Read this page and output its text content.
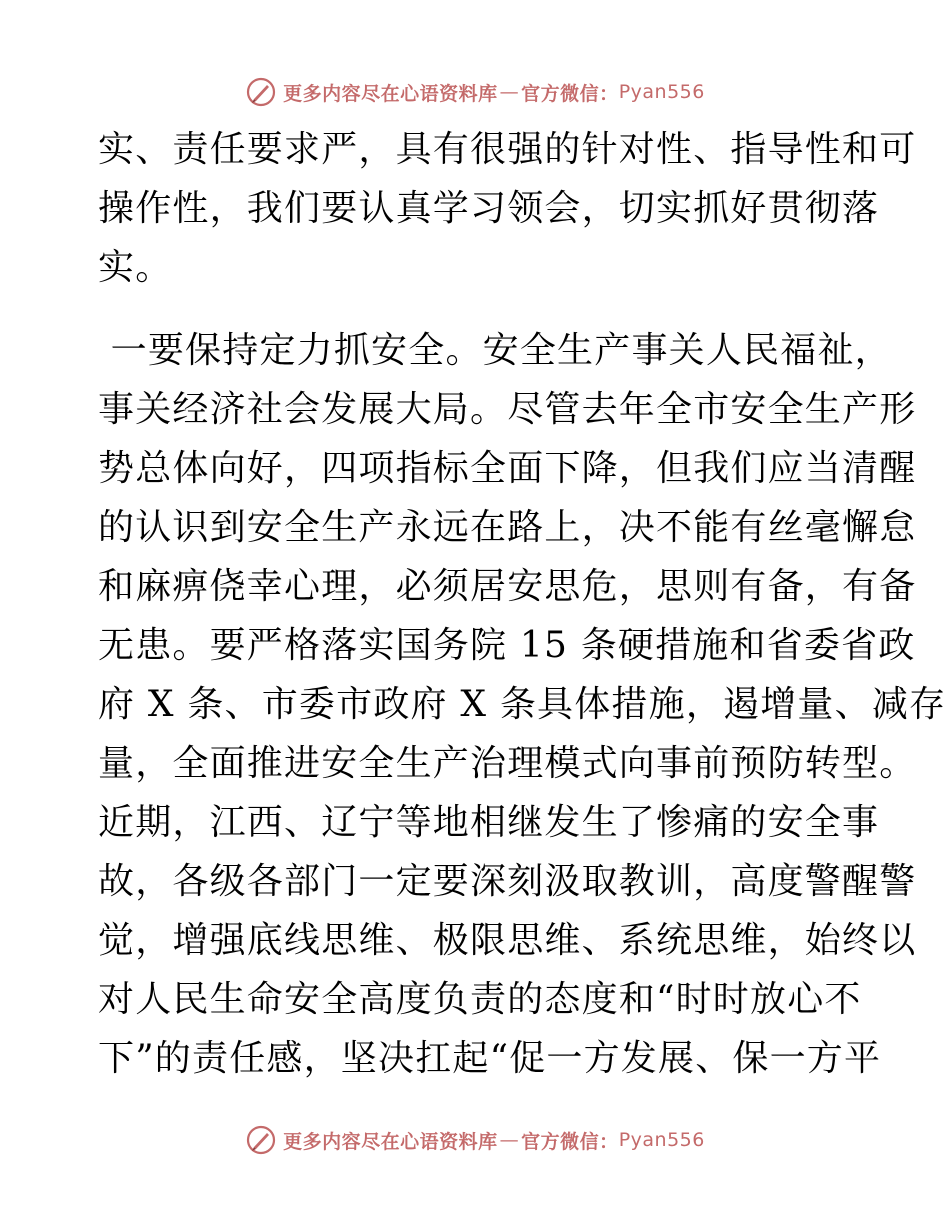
更多内容尽在心语资料库 — 官方微信： Pyan556
实、责任要求严，具有很强的针对性、指导性和可
操作性，我们要认真学习领会，切实抓好贯彻落
实。
一要保持定力抓安全。安全生产事关人民福祉，
事关经济社会发展大局。尽管去年全市安全生产形
势总体向好，四项指标全面下降，但我们应当清醒
的认识到安全生产永远在路上，决不能有丝毫懈怠
和麻痹侥幸心理，必须居安思危，思则有备，有备
无患。要严格落实国务院 15 条硬措施和省委省政
府 X 条、市委市政府 X 条具体措施，遏增量、减存
量，全面推进安全生产治理模式向事前预防转型。
近期，江西、辽宁等地相继发生了惨痛的安全事
故，各级各部门一定要深刻汲取教训，高度警醒警
觉，增强底线思维、极限思维、系统思维，始终以
对人民生命安全高度负责的态度和“时时放心不
下”的责任感，坚决扛起“促一方发展、保一方平
更多内容尽在心语资料库 — 官方微信： Pyan556
